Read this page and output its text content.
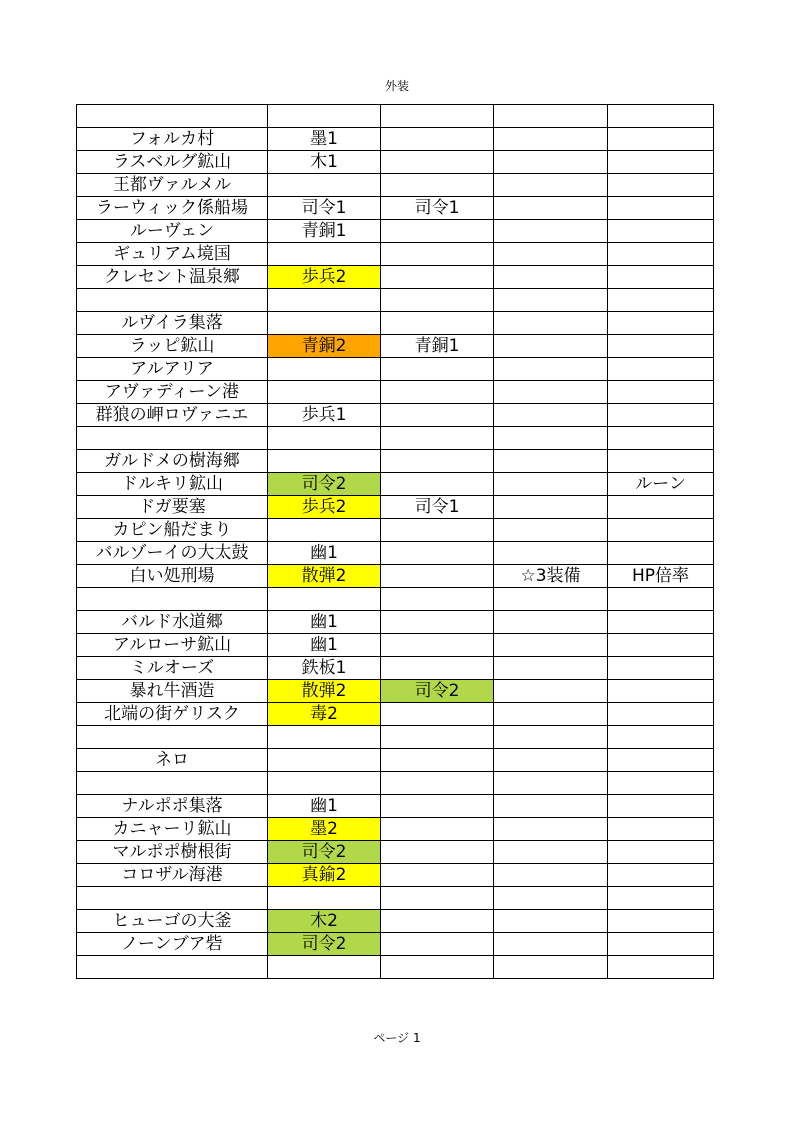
外装

フォルカ村	墨1			
ラスベルグ鉱山	木1			
王都ヴァルメル				
ラーウィック係船場	司令1	司令1		
ルーヴェン	青銅1			
ギュリアム境国				
クレセント温泉郷	歩兵2			

ルヴイラ集落				
ラッピ鉱山	青銅2	青銅1		
アルアリア				
アヴァディーン港				
群狼の岬ロヴァニエ	歩兵1			

ガルドメの樹海郷				
ドルキリ鉱山	司令2			ルーン
ドガ要塞	歩兵2	司令1		
カピン船だまり				
バルゾーイの大太鼓	幽1			
白い処刑場	散弾2		☆3装備	HP倍率

バルド水道郷	幽1			
アルローサ鉱山	幽1			
ミルオーズ	鉄板1			
暴れ牛酒造	散弾2	司令2		
北端の街ゲリスク	毒2			

ネロ				

ナルポポ集落	幽1			
カニャーリ鉱山	墨2			
マルポポ樹根街	司令2			
コロザル海港	真鍮2			

ヒューゴの大釜	木2			
ノーンブア砦	司令2			

ページ 1
